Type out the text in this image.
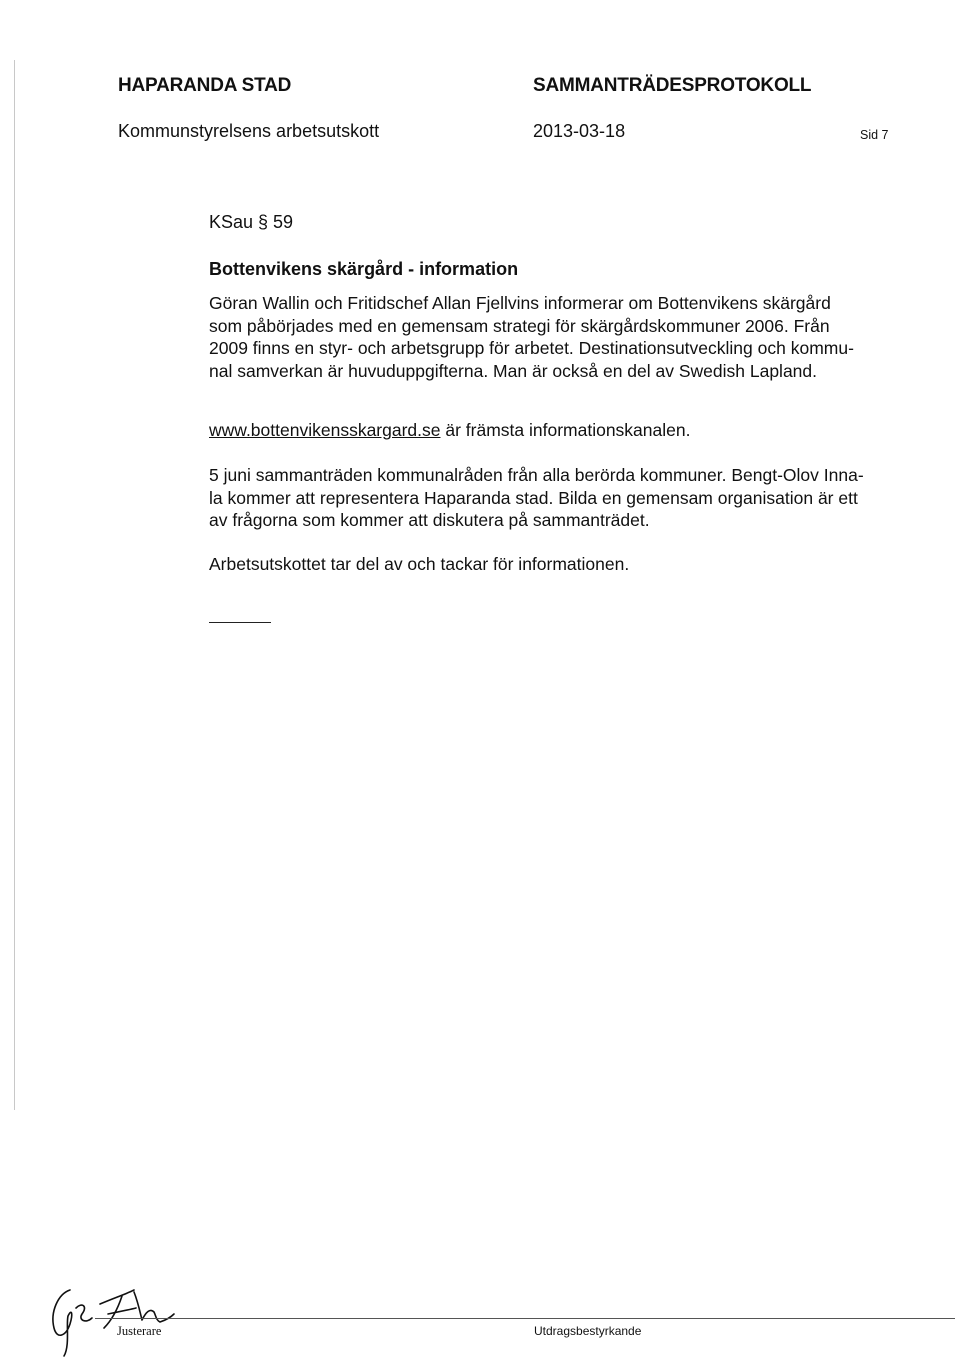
HAPARANDA STAD	SAMMANTRÄDESPROTOKOLL
Kommunstyrelsens arbetsutskott	2013-03-18	Sid 7
KSau § 59
Bottenvikens skärgård - information
Göran Wallin och Fritidschef Allan Fjellvins informerar om Bottenvikens skärgård
som påbörjades med en gemensam strategi för skärgårdskommuner 2006. Från
2009 finns en styr- och arbetsgrupp för arbetet. Destinationsutveckling och kommu-
nal samverkan är huvuduppgifterna. Man är också en del av Swedish Lapland.
www.bottenvikensskargard.se är främsta informationskanalen.
5 juni sammanträden kommunalråden från alla berörda kommuner. Bengt-Olov Inna-
la kommer att representera Haparanda stad. Bilda en gemensam organisation är ett
av frågorna som kommer att diskutera på sammanträdet.
Arbetsutskottet tar del av och tackar för informationen.
Justerare	Utdragsbestyrkande
